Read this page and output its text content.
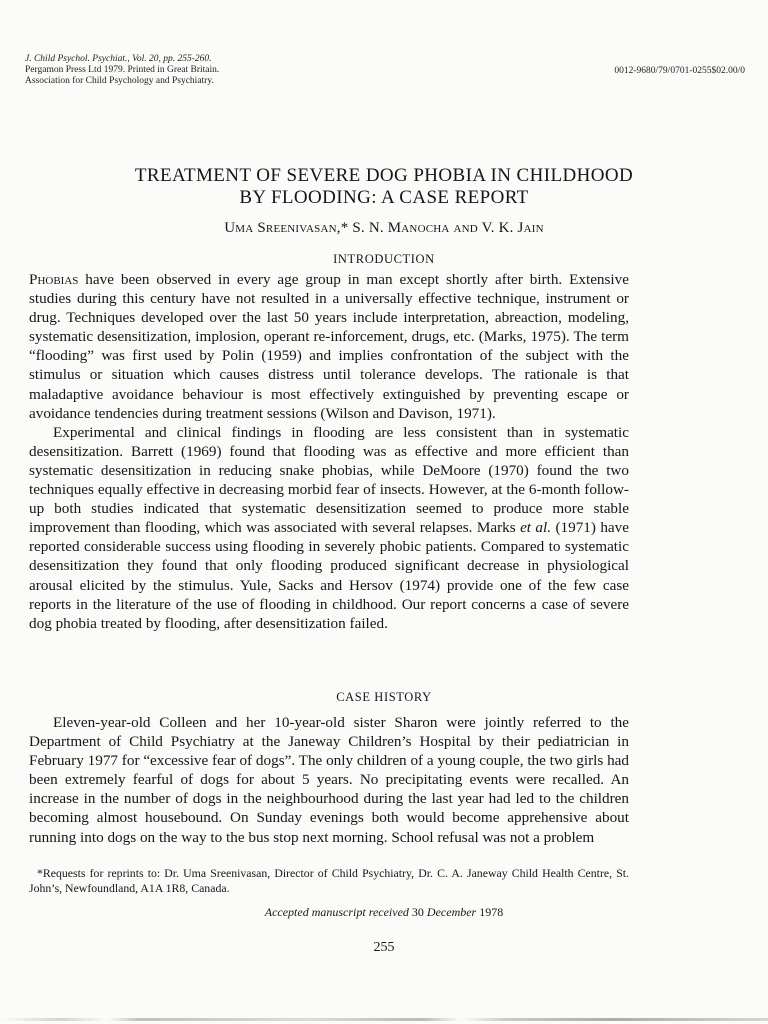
J. Child Psychol. Psychiat., Vol. 20, pp. 255-260.
Pergamon Press Ltd 1979. Printed in Great Britain.
Association for Child Psychology and Psychiatry.
0012-9680/79/0701-0255$02.00/0
TREATMENT OF SEVERE DOG PHOBIA IN CHILDHOOD
BY FLOODING: A CASE REPORT
Uma Sreenivasan,* S. N. Manocha and V. K. Jain
INTRODUCTION

Phobias have been observed in every age group in man except shortly after birth. Extensive studies during this century have not resulted in a universally effective technique, instrument or drug. Techniques developed over the last 50 years include interpretation, abreaction, modeling, systematic desensitization, implosion, operant re-inforcement, drugs, etc. (Marks, 1975). The term “flooding” was first used by Polin (1959) and implies confrontation of the subject with the stimulus or situation which causes distress until tolerance develops. The rationale is that maladaptive avoidance behaviour is most effectively extinguished by preventing escape or avoidance tendencies during treatment sessions (Wilson and Davison, 1971).

Experimental and clinical findings in flooding are less consistent than in systematic desensitization. Barrett (1969) found that flooding was as effective and more efficient than systematic desensitization in reducing snake phobias, while DeMoore (1970) found the two techniques equally effective in decreasing morbid fear of insects. However, at the 6-month follow-up both studies indicated that systematic desensitization seemed to produce more stable improvement than flooding, which was associated with several relapses. Marks et al. (1971) have reported considerable success using flooding in severely phobic patients. Compared to systematic desensitization they found that only flooding produced significant decrease in physiological arousal elicited by the stimulus. Yule, Sacks and Hersov (1974) provide one of the few case reports in the literature of the use of flooding in childhood. Our report concerns a case of severe dog phobia treated by flooding, after desensitization failed.

CASE HISTORY

Eleven-year-old Colleen and her 10-year-old sister Sharon were jointly referred to the Department of Child Psychiatry at the Janeway Children’s Hospital by their pediatrician in February 1977 for “excessive fear of dogs”. The only children of a young couple, the two girls had been extremely fearful of dogs for about 5 years. No precipitating events were recalled. An increase in the number of dogs in the neighbourhood during the last year had led to the children becoming almost housebound. On Sunday evenings both would become apprehensive about running into dogs on the way to the bus stop next morning. School refusal was not a problem

*Requests for reprints to: Dr. Uma Sreenivasan, Director of Child Psychiatry, Dr. C. A. Janeway Child Health Centre, St. John’s, Newfoundland, A1A 1R8, Canada.
Accepted manuscript received 30 December 1978
255
